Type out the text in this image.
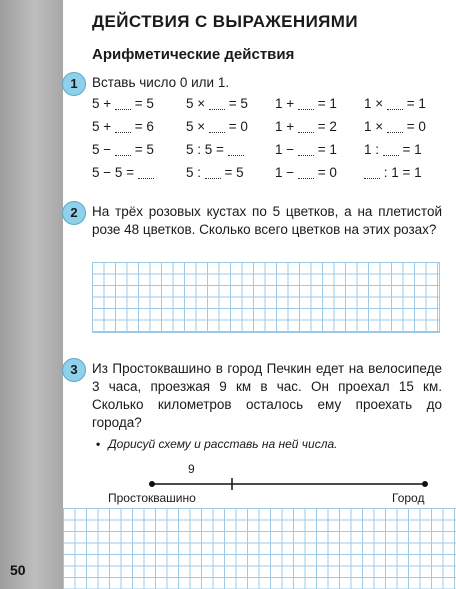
50
ДЕЙСТВИЯ С ВЫРАЖЕНИЯМИ
Арифметические действия
1	Вставь число 0 или 1.
5 + = 5	5 × = 5	1 + = 1	1 × = 1
5 + = 6	5 × = 0	1 + = 2	1 × = 0
5 − = 5	5 : 5 =	1 − = 1	1 : = 1
5 − 5 =	5 : = 5	1 − = 0	: 1 = 1
2	На трёх розовых кустах по 5 цветков, а на плетистой розе 48 цветков. Сколько всего цветков на этих розах?
3	Из Простоквашино в город Печкин едет на велосипеде 3 часа, проезжая 9 км в час. Он проехал 15 км. Сколько километров осталось ему проехать до города?
• Дорисуй схему и расставь на ней числа.
9
Простоквашино	Город
